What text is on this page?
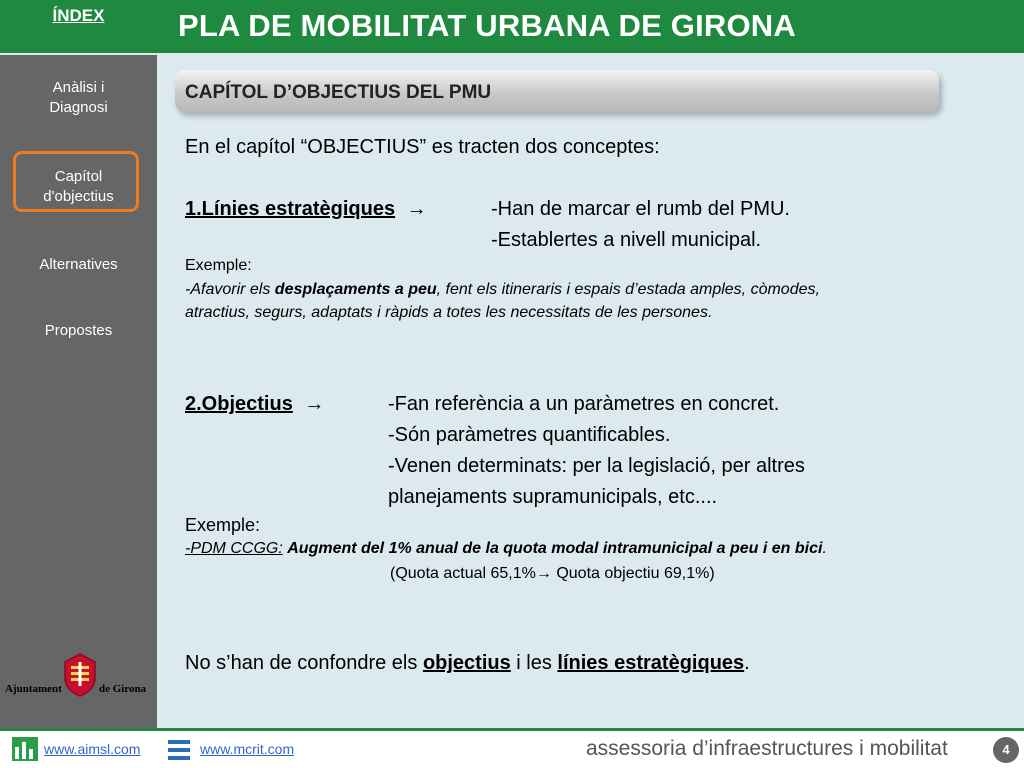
PLA DE MOBILITAT URBANA DE GIRONA
ÍNDEX
Anàlisi i
Diagnosi
Capítol
d'objectius
Alternatives
Propostes
Ajuntament	de Girona
CAPÍTOL D’OBJECTIUS DEL PMU
En el capítol “OBJECTIUS” es tracten dos conceptes:
1.Línies estratègiques →	-Han de marcar el rumb del PMU.
-Establertes a nivell municipal.
Exemple:
-Afavorir els desplaçaments a peu, fent els itineraris i espais d’estada amples, còmodes,
atractius, segurs, adaptats i ràpids a totes les necessitats de les persones.
2.Objectius →	-Fan referència a un paràmetres en concret.
-Són paràmetres quantificables.
-Venen determinats: per la legislació, per altres
planejaments supramunicipals, etc....
Exemple:
-PDM CCGG: Augment del 1% anual de la quota modal intramunicipal a peu i en bici.
(Quota actual 65,1%→ Quota objectiu 69,1%)
No s’han de confondre els objectius i les línies estratègiques.
www.aimsl.com	www.mcrit.com	assessoria d’infraestructures i mobilitat	4
